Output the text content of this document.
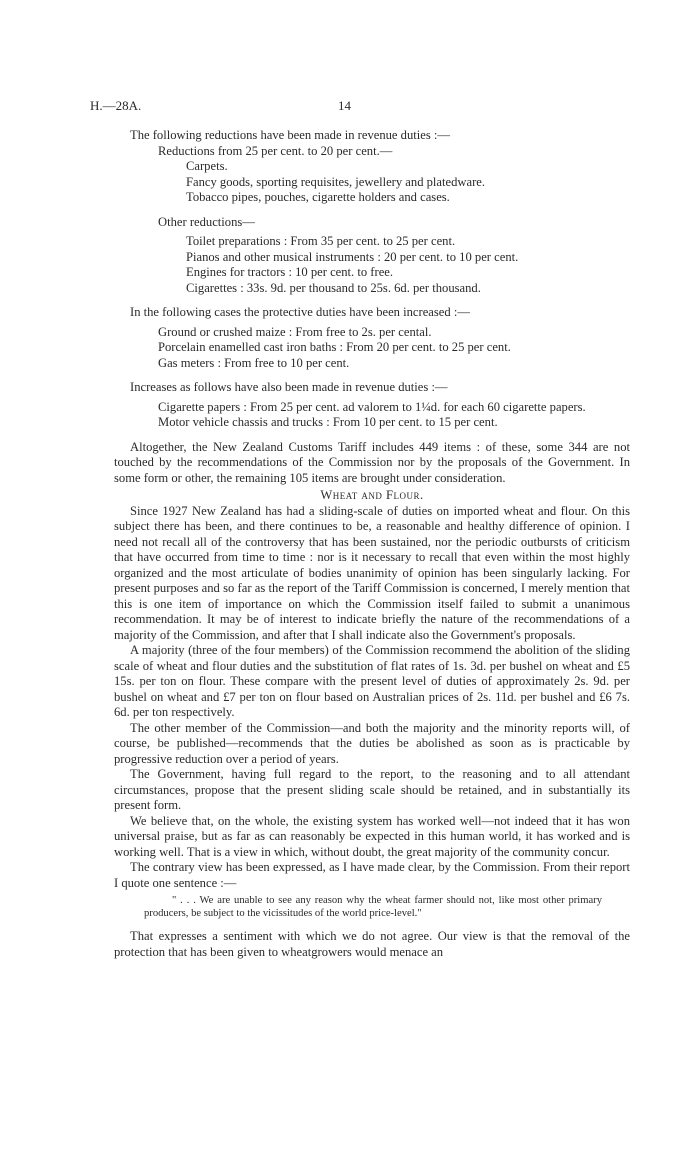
H.—28A.	14

The following reductions have been made in revenue duties :—

Reductions from 25 per cent. to 20 per cent.—

Carpets.

Fancy goods, sporting requisites, jewellery and platedware.

Tobacco pipes, pouches, cigarette holders and cases.

Other reductions—

Toilet preparations : From 35 per cent. to 25 per cent.

Pianos and other musical instruments : 20 per cent. to 10 per cent.

Engines for tractors : 10 per cent. to free.

Cigarettes : 33s. 9d. per thousand to 25s. 6d. per thousand.

In the following cases the protective duties have been increased :—

Ground or crushed maize : From free to 2s. per cental.

Porcelain enamelled cast iron baths : From 20 per cent. to 25 per cent.

Gas meters : From free to 10 per cent.

Increases as follows have also been made in revenue duties :—

Cigarette papers : From 25 per cent. ad valorem to 1¼d. for each 60 cigarette papers.

Motor vehicle chassis and trucks : From 10 per cent. to 15 per cent.

Altogether, the New Zealand Customs Tariff includes 449 items : of these, some 344 are not touched by the recommendations of the Commission nor by the proposals of the Government. In some form or other, the remaining 105 items are brought under consideration.

Wheat and Flour.

Since 1927 New Zealand has had a sliding-scale of duties on imported wheat and flour. On this subject there has been, and there continues to be, a reasonable and healthy difference of opinion. I need not recall all of the controversy that has been sustained, nor the periodic outbursts of criticism that have occurred from time to time : nor is it necessary to recall that even within the most highly organized and the most articulate of bodies unanimity of opinion has been singularly lacking. For present purposes and so far as the report of the Tariff Commission is concerned, I merely mention that this is one item of importance on which the Commission itself failed to submit a unanimous recommendation. It may be of interest to indicate briefly the nature of the recommendations of a majority of the Commission, and after that I shall indicate also the Government's proposals.

A majority (three of the four members) of the Commission recommend the abolition of the sliding scale of wheat and flour duties and the substitution of flat rates of 1s. 3d. per bushel on wheat and £5 15s. per ton on flour. These compare with the present level of duties of approximately 2s. 9d. per bushel on wheat and £7 per ton on flour based on Australian prices of 2s. 11d. per bushel and £6 7s. 6d. per ton respectively.

The other member of the Commission—and both the majority and the minority reports will, of course, be published—recommends that the duties be abolished as soon as is practicable by progressive reduction over a period of years.

The Government, having full regard to the report, to the reasoning and to all attendant circumstances, propose that the present sliding scale should be retained, and in substantially its present form.

We believe that, on the whole, the existing system has worked well—not indeed that it has won universal praise, but as far as can reasonably be expected in this human world, it has worked and is working well. That is a view in which, without doubt, the great majority of the community concur.

The contrary view has been expressed, as I have made clear, by the Commission. From their report I quote one sentence :—

" . . . We are unable to see any reason why the wheat farmer should not, like most other primary producers, be subject to the vicissitudes of the world price-level."

That expresses a sentiment with which we do not agree. Our view is that the removal of the protection that has been given to wheatgrowers would menace an
